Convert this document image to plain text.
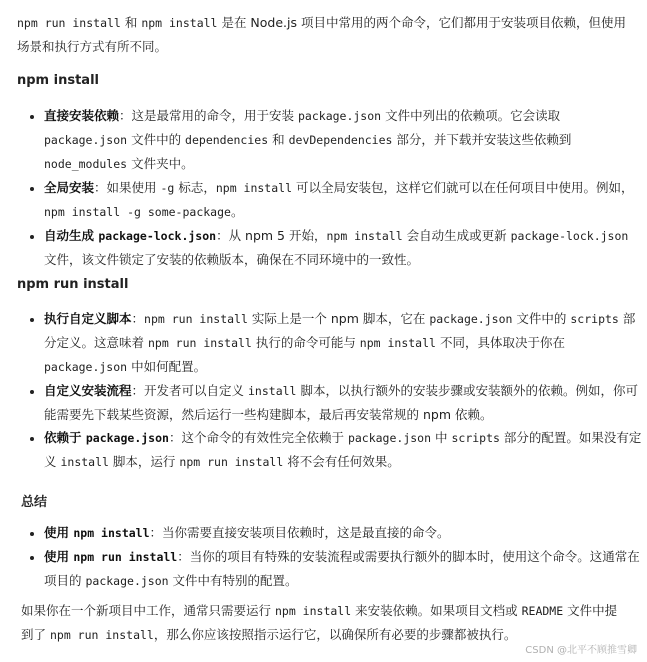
npm run install 和 npm install 是在 Node.js 项目中常用的两个命令，它们都用于安装项目依赖，但使用场景和执行方式有所不同。

npm install
• 直接安装依赖：这是最常用的命令，用于安装 package.json 文件中列出的依赖项。它会读取 package.json 文件中的 dependencies 和 devDependencies 部分，并下载并安装这些依赖到 node_modules 文件夹中。
• 全局安装：如果使用 -g 标志，npm install 可以全局安装包，这样它们就可以在任何项目中使用。例如，npm install -g some-package。
• 自动生成 package-lock.json：从 npm 5 开始，npm install 会自动生成或更新 package-lock.json 文件，该文件锁定了安装的依赖版本，确保在不同环境中的一致性。
npm run install
• 执行自定义脚本：npm run install 实际上是一个 npm 脚本，它在 package.json 文件中的 scripts 部分定义。这意味着 npm run install 执行的命令可能与 npm install 不同，具体取决于你在 package.json 中如何配置。
• 自定义安装流程：开发者可以自定义 install 脚本，以执行额外的安装步骤或安装额外的依赖。例如，你可能需要先下载某些资源，然后运行一些构建脚本，最后再安装常规的 npm 依赖。
• 依赖于 package.json：这个命令的有效性完全依赖于 package.json 中 scripts 部分的配置。如果没有定义 install 脚本，运行 npm run install 将不会有任何效果。
总结
• 使用 npm install：当你需要直接安装项目依赖时，这是最直接的命令。
• 使用 npm run install：当你的项目有特殊的安装流程或需要执行额外的脚本时，使用这个命令。这通常在项目的 package.json 文件中有特别的配置。

如果你在一个新项目中工作，通常只需要运行 npm install 来安装依赖。如果项目文档或 README 文件中提到了 npm run install，那么你应该按照指示运行它，以确保所有必要的步骤都被执行。

CSDN @北平不顾推雪卿
